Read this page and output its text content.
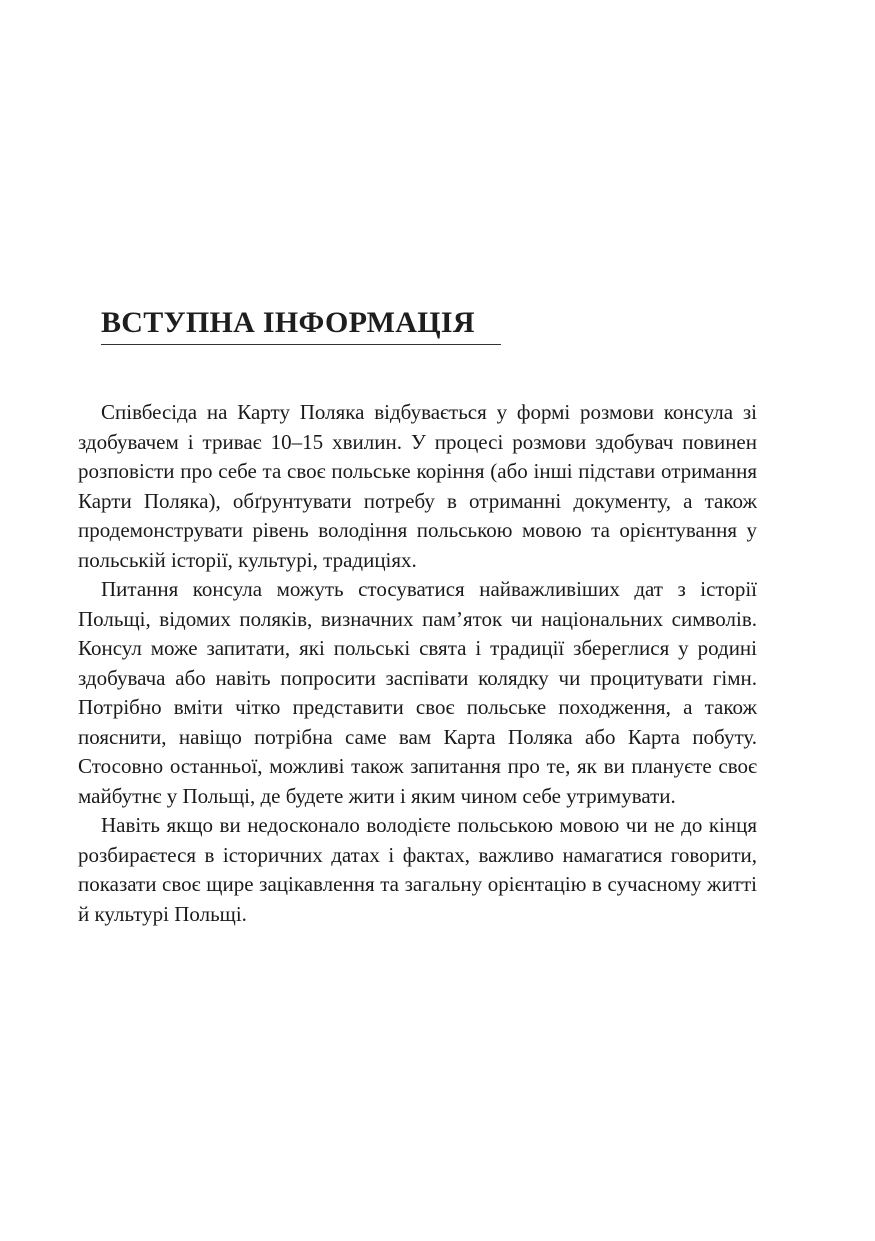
ВСТУПНА ІНФОРМАЦІЯ

Співбесіда на Карту Поляка відбувається у формі розмови консула зі здобувачем і триває 10–15 хвилин. У процесі розмови здобувач повинен розповісти про себе та своє польське коріння (або інші підстави отримання Карти Поляка), обґрунтувати потребу в отриманні документу, а також продемонструвати рівень володіння польською мовою та орієнтування у польській історії, культурі, традиціях.

Питання консула можуть стосуватися найважливіших дат з історії Польщі, відомих поляків, визначних пам’яток чи національних символів. Консул може запитати, які польські свята і традиції збереглися у родині здобувача або навіть попросити заспівати колядку чи процитувати гімн. Потрібно вміти чітко представити своє польське походження, а також пояснити, навіщо потрібна саме вам Карта Поляка або Карта побуту. Стосовно останньої, можливі також запитання про те, як ви плануєте своє майбутнє у Польщі, де будете жити і яким чином себе утримувати.

Навіть якщо ви недосконало володієте польською мовою чи не до кінця розбираєтеся в історичних датах і фактах, важливо намагатися говорити, показати своє щире зацікавлення та загальну орієнтацію в сучасному житті й культурі Польщі.
